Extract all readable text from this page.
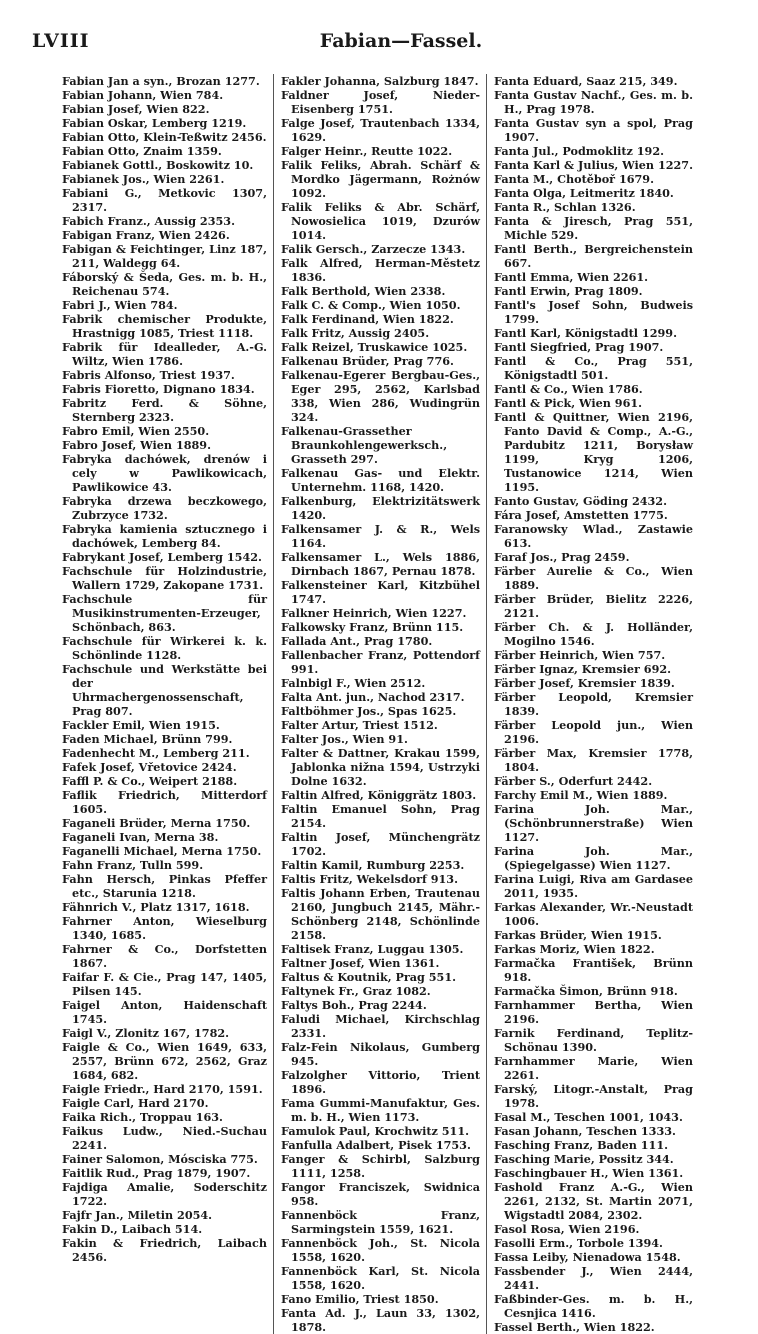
LVIII	Fabian—Fassel.
Fabian Jan a syn., Brozan 1277.
Fabian Johann, Wien 784.
Fabian Josef, Wien 822.
Fabian Oskar, Lemberg 1219.
Fabian Otto, Klein-Teßwitz 2456.
Fabian Otto, Znaim 1359.
Fabianek Gottl., Boskowitz 10.
Fabianek Jos., Wien 2261.
Fabiani G., Metkovic 1307, 2317.
Fabich Franz., Aussig 2353.
Fabigan Franz, Wien 2426.
Fabigan & Feichtinger, Linz 187, 211, Waldegg 64.
Fáborský & Šeda, Ges. m. b. H., Reichenau 574.
Fabri J., Wien 784.
Fabrik chemischer Produkte, Hrastnigg 1085, Triest 1118.
Fabrik für Idealleder, A.-G. Wiltz, Wien 1786.
Fabris Alfonso, Triest 1937.
Fabris Fioretto, Dignano 1834.
Fabritz Ferd. & Söhne, Sternberg 2323.
Fabro Emil, Wien 2550.
Fabro Josef, Wien 1889.
Fabryka dachówek, drenów i cely w Pawlikowicach, Pawlikowice 43.
Fabryka drzewa beczkowego, Zubrzyce 1732.
Fabryka kamienia sztucznego i dachówek, Lemberg 84.
Fabrykant Josef, Lemberg 1542.
Fachschule für Holzindustrie, Wallern 1729, Zakopane 1731.
Fachschule für Musikinstrumenten-Erzeuger, Schönbach, 863.
Fachschule für Wirkerei k. k. Schönlinde 1128.
Fachschule und Werkstätte bei der Uhrmachergenossenschaft, Prag 807.
Fackler Emil, Wien 1915.
Faden Michael, Brünn 799.
Fadenhecht M., Lemberg 211.
Fafek Josef, Vřetovice 2424.
Faffl P. & Co., Weipert 2188.
Faflik Friedrich, Mitterdorf 1605.
Faganeli Brüder, Merna 1750.
Faganeli Ivan, Merna 38.
Faganelli Michael, Merna 1750.
Fahn Franz, Tulln 599.
Fahn Hersch, Pinkas Pfeffer etc., Starunia 1218.
Fähnrich V., Platz 1317, 1618.
Fahrner Anton, Wieselburg 1340, 1685.
Fahrner & Co., Dorfstetten 1867.
Faifar F. & Cie., Prag 147, 1405, Pilsen 145.
Faigel Anton, Haidenschaft 1745.
Faigl V., Zlonitz 167, 1782.
Faigle & Co., Wien 1649, 633, 2557, Brünn 672, 2562, Graz 1684, 682.
Faigle Friedr., Hard 2170, 1591.
Faigle Carl, Hard 2170.
Faika Rich., Troppau 163.
Faikus Ludw., Nied.-Suchau 2241.
Fainer Salomon, Mósciska 775.
Faitlik Rud., Prag 1879, 1907.
Fajdiga Amalie, Soderschitz 1722.
Fajfr Jan., Miletin 2054.
Fakin D., Laibach 514.
Fakin & Friedrich, Laibach 2456.
Fakler Johanna, Salzburg 1847.
Faldner Josef, Nieder-Eisenberg 1751.
Falge Josef, Trautenbach 1334, 1629.
Falger Heinr., Reutte 1022.
Falik Feliks, Abrah. Schärf & Mordko Jägermann, Rożnów 1092.
Falik Feliks & Abr. Schärf, Nowosielica 1019, Dzurów 1014.
Falik Gersch., Zarzecze 1343.
Falk Alfred, Herman-Městetz 1836.
Falk Berthold, Wien 2338.
Falk C. & Comp., Wien 1050.
Falk Ferdinand, Wien 1822.
Falk Fritz, Aussig 2405.
Falk Reizel, Truskawice 1025.
Falkenau Brüder, Prag 776.
Falkenau-Egerer Bergbau-Ges., Eger 295, 2562, Karlsbad 338, Wien 286, Wudingrün 324.
Falkenau-Grassether Braunkohlengewerksch., Grasseth 297.
Falkenau Gas- und Elektr. Unternehm. 1168, 1420.
Falkenburg, Elektrizitätswerk 1420.
Falkensamer J. & R., Wels 1164.
Falkensamer L., Wels 1886, Dirnbach 1867, Pernau 1878.
Falkensteiner Karl, Kitzbühel 1747.
Falkner Heinrich, Wien 1227.
Falkowsky Franz, Brünn 115.
Fallada Ant., Prag 1780.
Fallenbacher Franz, Pottendorf 991.
Falnbigl F., Wien 2512.
Falta Ant. jun., Nachod 2317.
Faltböhmer Jos., Spas 1625.
Falter Artur, Triest 1512.
Falter Jos., Wien 91.
Falter & Dattner, Krakau 1599, Jablonka nižna 1594, Ustrzyki Dolne 1632.
Faltin Alfred, Königgrätz 1803.
Faltin Emanuel Sohn, Prag 2154.
Faltin Josef, Münchengrätz 1702.
Faltin Kamil, Rumburg 2253.
Faltis Fritz, Wekelsdorf 913.
Faltis Johann Erben, Trautenau 2160, Jungbuch 2145, Mähr.-Schönberg 2148, Schönlinde 2158.
Faltisek Franz, Luggau 1305.
Faltner Josef, Wien 1361.
Faltus & Koutnik, Prag 551.
Faltynek Fr., Graz 1082.
Faltys Boh., Prag 2244.
Faludi Michael, Kirchschlag 2331.
Falz-Fein Nikolaus, Gumberg 945.
Falzolgher Vittorio, Trient 1896.
Fama Gummi-Manufaktur, Ges. m. b. H., Wien 1173.
Famulok Paul, Krochwitz 511.
Fanfulla Adalbert, Pisek 1753.
Fanger & Schirbl, Salzburg 1111, 1258.
Fangor Franciszek, Swidnica 958.
Fannenböck Franz, Sarmingstein 1559, 1621.
Fannenböck Joh., St. Nicola 1558, 1620.
Fannenböck Karl, St. Nicola 1558, 1620.
Fano Emilio, Triest 1850.
Fanta Ad. J., Laun 33, 1302, 1878.
Fanta Eduard, Saaz 215, 349.
Fanta Gustav Nachf., Ges. m. b. H., Prag 1978.
Fanta Gustav syn a spol, Prag 1907.
Fanta Jul., Podmoklitz 192.
Fanta Karl & Julius, Wien 1227.
Fanta M., Chotěboř 1679.
Fanta Olga, Leitmeritz 1840.
Fanta R., Schlan 1326.
Fanta & Jiresch, Prag 551, Michle 529.
Fantl Berth., Bergreichenstein 667.
Fantl Emma, Wien 2261.
Fantl Erwin, Prag 1809.
Fantl's Josef Sohn, Budweis 1799.
Fantl Karl, Königstadtl 1299.
Fantl Siegfried, Prag 1907.
Fantl & Co., Prag 551, Königstadtl 501.
Fantl & Co., Wien 1786.
Fantl & Pick, Wien 961.
Fantl & Quittner, Wien 2196, Fanto David & Comp., A.-G., Pardubitz 1211, Borysław 1199, Kryg 1206, Tustanowice 1214, Wien 1195.
Fanto Gustav, Göding 2432.
Fára Josef, Amstetten 1775.
Faranowsky Wlad., Zastawie 613.
Faraf Jos., Prag 2459.
Färber Aurelie & Co., Wien 1889.
Färber Brüder, Bielitz 2226, 2121.
Färber Ch. & J. Holländer, Mogilno 1546.
Färber Heinrich, Wien 757.
Färber Ignaz, Kremsier 692.
Färber Josef, Kremsier 1839.
Färber Leopold, Kremsier 1839.
Färber Leopold jun., Wien 2196.
Färber Max, Kremsier 1778, 1804.
Färber S., Oderfurt 2442.
Farchy Emil M., Wien 1889.
Farina Joh. Mar., (Schönbrunnerstraße) Wien 1127.
Farina Joh. Mar., (Spiegelgasse) Wien 1127.
Farina Luigi, Riva am Gardasee 2011, 1935.
Farkas Alexander, Wr.-Neustadt 1006.
Farkas Brüder, Wien 1915.
Farkas Moriz, Wien 1822.
Farmačka František, Brünn 918.
Farmačka Šimon, Brünn 918.
Farnhammer Bertha, Wien 2196.
Farnik Ferdinand, Teplitz-Schönau 1390.
Farnhammer Marie, Wien 2261.
Farský, Litogr.-Anstalt, Prag 1978.
Fasal M., Teschen 1001, 1043.
Fasan Johann, Teschen 1333.
Fasching Franz, Baden 111.
Fasching Marie, Possitz 344.
Faschingbauer H., Wien 1361.
Fashold Franz A.-G., Wien 2261, 2132, St. Martin 2071, Wigstadtl 2084, 2302.
Fasol Rosa, Wien 2196.
Fasolli Erm., Torbole 1394.
Fassa Leiby, Nienadowa 1548.
Fassbender J., Wien 2444, 2441.
Faßbinder-Ges. m. b. H., Cesnjica 1416.
Fassel Berth., Wien 1822.
